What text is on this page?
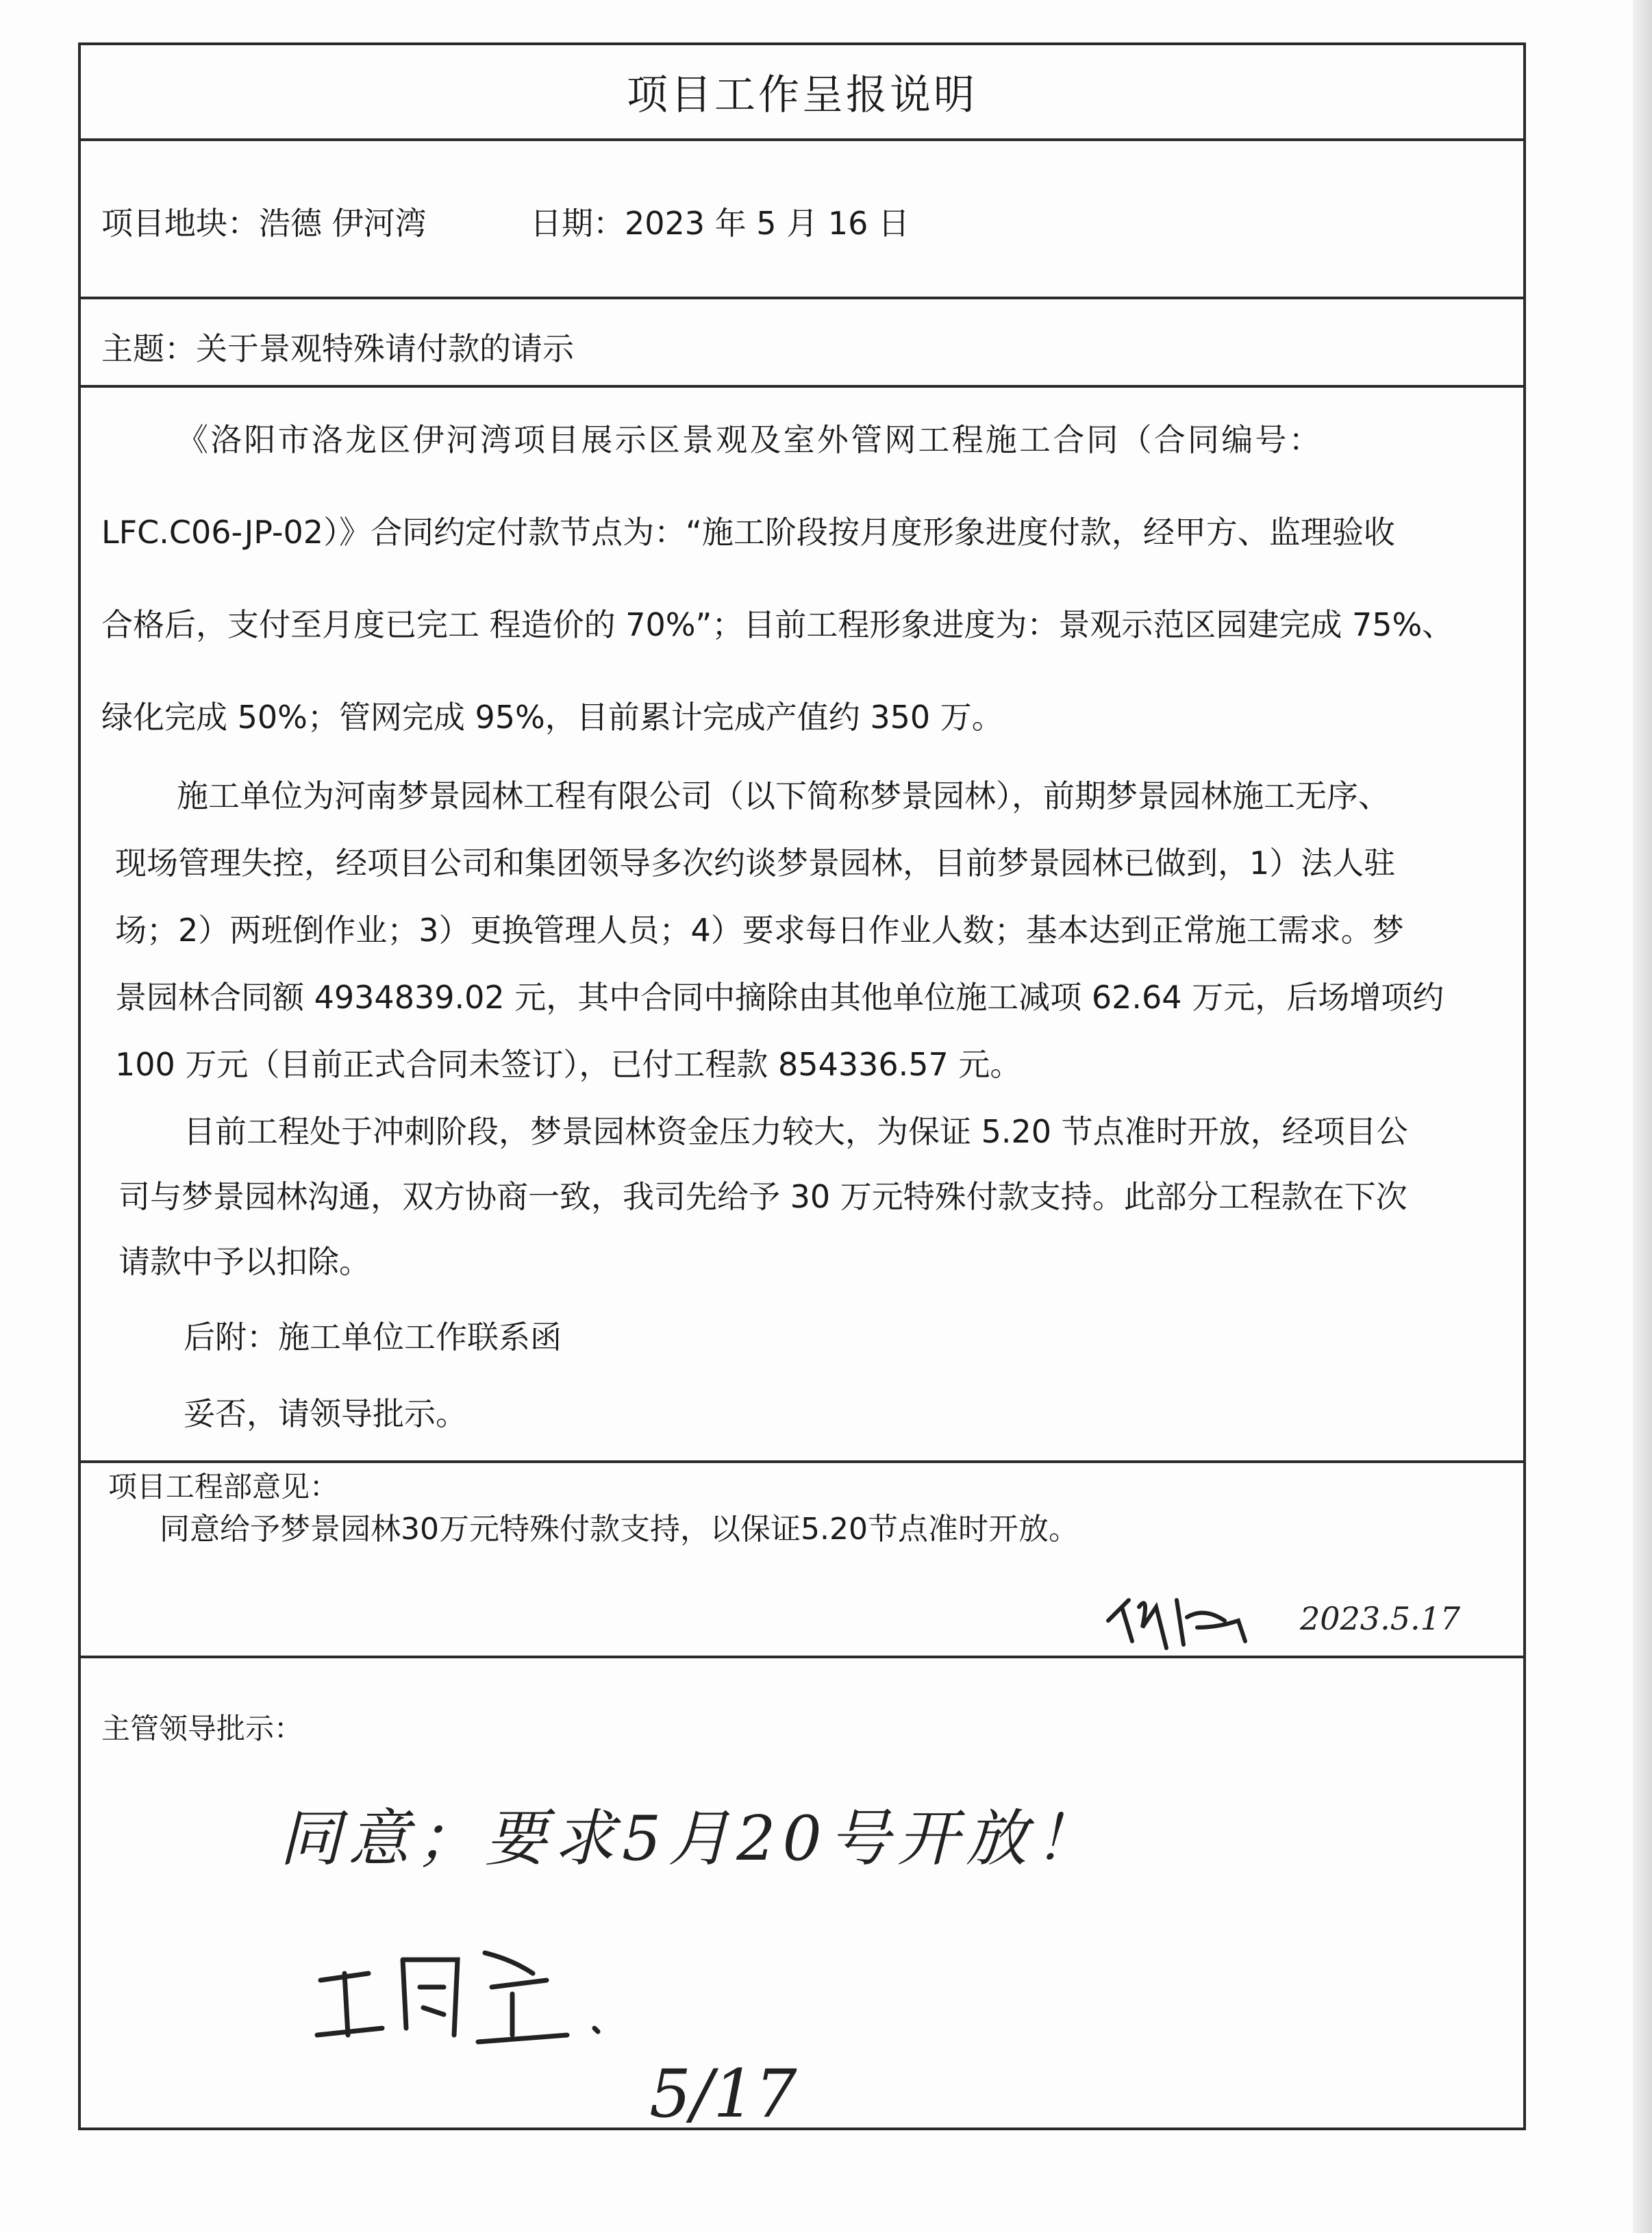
项目工作呈报说明
项目地块：浩德 伊河湾	日期：2023 年 5 月 16 日
主题：关于景观特殊请付款的请示
《洛阳市洛龙区伊河湾项目展示区景观及室外管网工程施工合同（合同编号：
LFC.C06-JP-02）》合同约定付款节点为：“施工阶段按月度形象进度付款，经甲方、监理验收
合格后，支付至月度已完工 程造价的 70%”；目前工程形象进度为：景观示范区园建完成 75%、
绿化完成 50%；管网完成 95%，目前累计完成产值约 350 万。
施工单位为河南梦景园林工程有限公司（以下简称梦景园林），前期梦景园林施工无序、
现场管理失控，经项目公司和集团领导多次约谈梦景园林，目前梦景园林已做到，1）法人驻
场；2）两班倒作业；3）更换管理人员；4）要求每日作业人数；基本达到正常施工需求。梦
景园林合同额 4934839.02 元，其中合同中摘除由其他单位施工减项 62.64 万元，后场增项约
100 万元（目前正式合同未签订），已付工程款 854336.57 元。
目前工程处于冲刺阶段，梦景园林资金压力较大，为保证 5.20 节点准时开放，经项目公
司与梦景园林沟通，双方协商一致，我司先给予 30 万元特殊付款支持。此部分工程款在下次
请款中予以扣除。
后附：施工单位工作联系函
妥否，请领导批示。
项目工程部意见：
同意给予梦景园林30万元特殊付款支持，以保证5.20节点准时开放。
2023.5.17
主管领导批示：
同意；要求5月20号开放！
5/17
